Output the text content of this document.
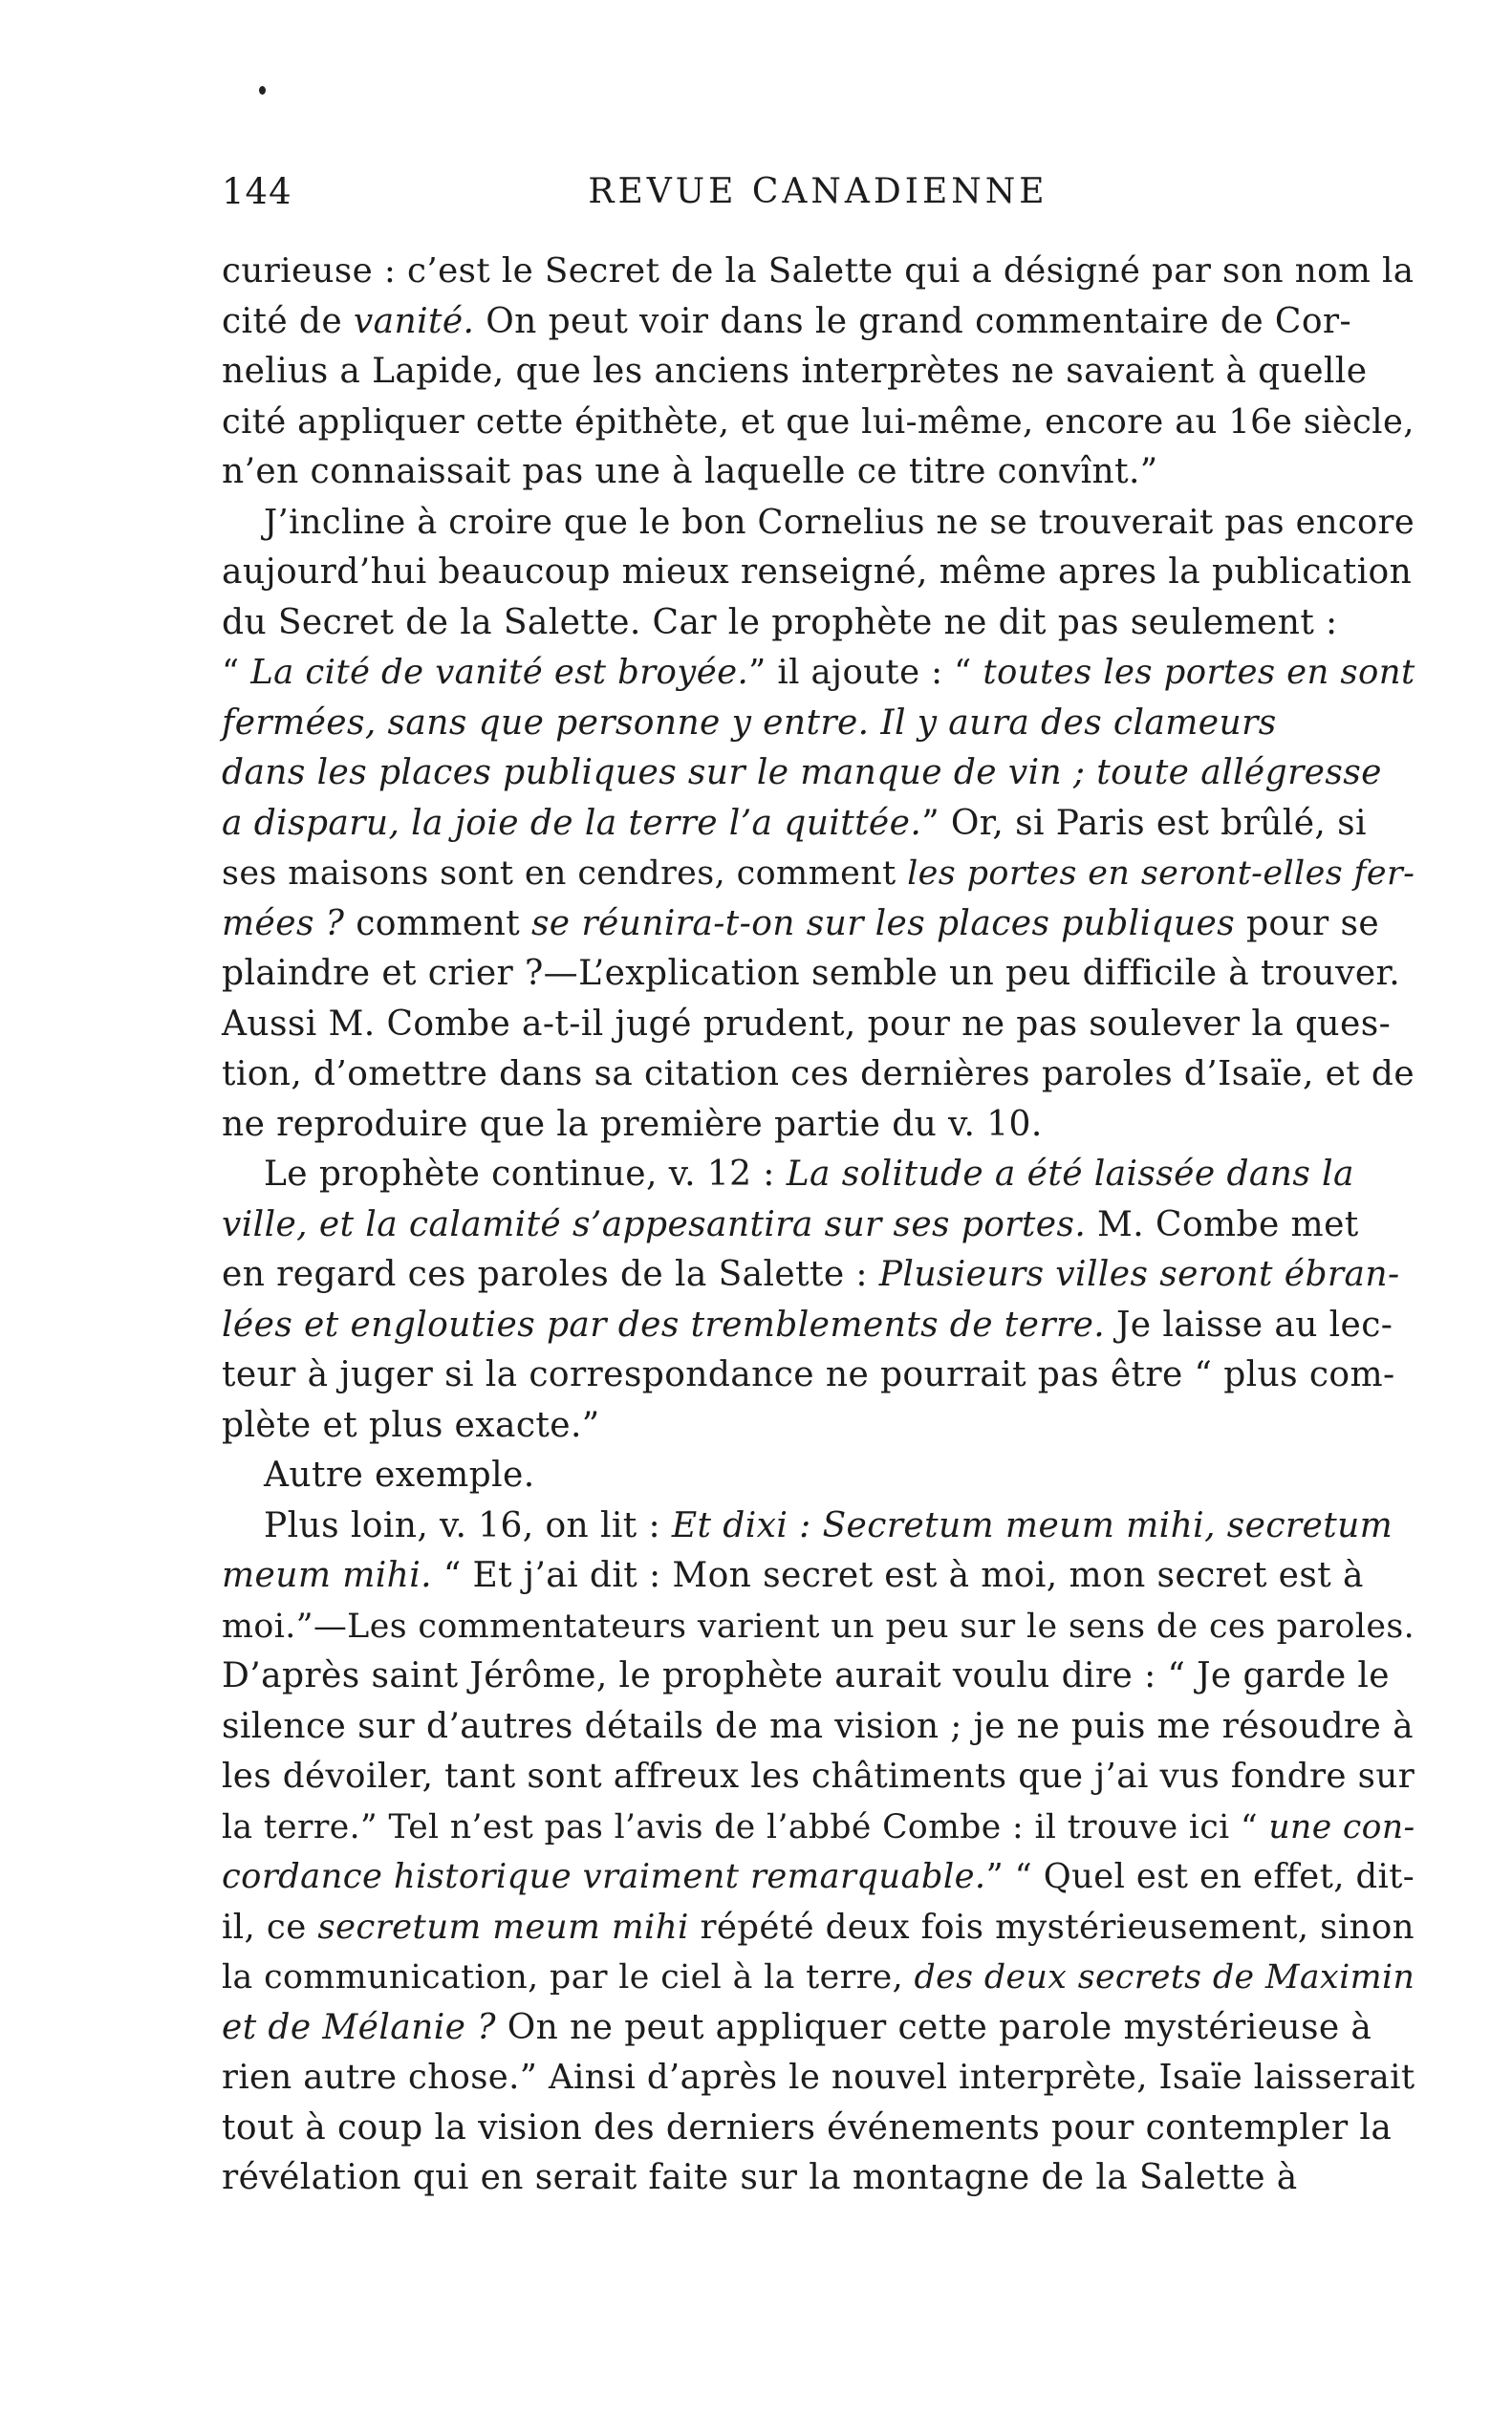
144	REVUE CANADIENNE
curieuse : c’est le Secret de la Salette qui a désigné par son nom la
cité de vanité. On peut voir dans le grand commentaire de Cor-
nelius a Lapide, que les anciens interprètes ne savaient à quelle
cité appliquer cette épithète, et que lui-même, encore au 16e siècle,
n’en connaissait pas une à laquelle ce titre convînt.”
J’incline à croire que le bon Cornelius ne se trouverait pas encore
aujourd’hui beaucoup mieux renseigné, même apres la publication
du Secret de la Salette. Car le prophète ne dit pas seulement :
“ La cité de vanité est broyée.” il ajoute : “ toutes les portes en sont
fermées, sans que personne y entre. Il y aura des clameurs
dans les places publiques sur le manque de vin ; toute allégresse
a disparu, la joie de la terre l’a quittée.” Or, si Paris est brûlé, si
ses maisons sont en cendres, comment les portes en seront-elles fer-
mées ? comment se réunira-t-on sur les places publiques pour se
plaindre et crier ?—L’explication semble un peu difficile à trouver.
Aussi M. Combe a-t-il jugé prudent, pour ne pas soulever la ques-
tion, d’omettre dans sa citation ces dernières paroles d’Isaïe, et de
ne reproduire que la première partie du v. 10.
Le prophète continue, v. 12 : La solitude a été laissée dans la
ville, et la calamité s’appesantira sur ses portes. M. Combe met
en regard ces paroles de la Salette : Plusieurs villes seront ébran-
lées et englouties par des tremblements de terre. Je laisse au lec-
teur à juger si la correspondance ne pourrait pas être “ plus com-
plète et plus exacte.”
Autre exemple.
Plus loin, v. 16, on lit : Et dixi : Secretum meum mihi, secretum
meum mihi. “ Et j’ai dit : Mon secret est à moi, mon secret est à
moi.”—Les commentateurs varient un peu sur le sens de ces paroles.
D’après saint Jérôme, le prophète aurait voulu dire : “ Je garde le
silence sur d’autres détails de ma vision ; je ne puis me résoudre à
les dévoiler, tant sont affreux les châtiments que j’ai vus fondre sur
la terre.” Tel n’est pas l’avis de l’abbé Combe : il trouve ici “ une con-
cordance historique vraiment remarquable.” “ Quel est en effet, dit-
il, ce secretum meum mihi répété deux fois mystérieusement, sinon
la communication, par le ciel à la terre, des deux secrets de Maximin
et de Mélanie ? On ne peut appliquer cette parole mystérieuse à
rien autre chose.” Ainsi d’après le nouvel interprète, Isaïe laisserait
tout à coup la vision des derniers événements pour contempler la
révélation qui en serait faite sur la montagne de la Salette à
